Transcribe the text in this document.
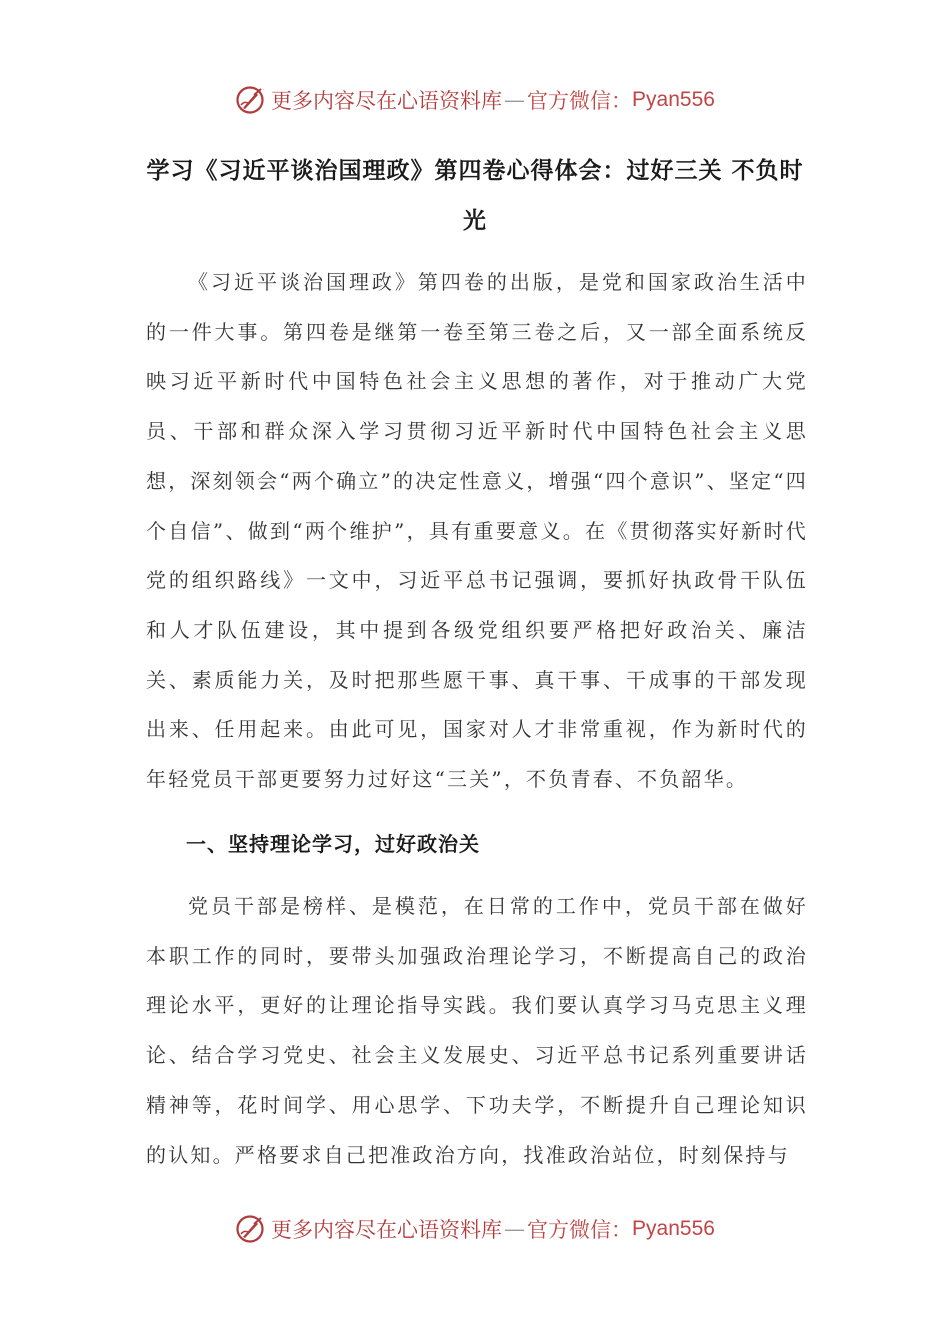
更多内容尽在心语资料库 — 官方微信： Pyan556
学习《习近平谈治国理政》第四卷心得体会：过好三关 不负时光

《习近平谈治国理政》第四卷的出版，是党和国家政治生活中的一件大事。第四卷是继第一卷至第三卷之后，又一部全面系统反映习近平新时代中国特色社会主义思想的著作，对于推动广大党员、干部和群众深入学习贯彻习近平新时代中国特色社会主义思想，深刻领会“两个确立”的决定性意义，增强“四个意识”、坚定“四个自信”、做到“两个维护”，具有重要意义。在《贯彻落实好新时代党的组织路线》一文中，习近平总书记强调，要抓好执政骨干队伍和人才队伍建设，其中提到各级党组织要严格把好政治关、廉洁关、素质能力关，及时把那些愿干事、真干事、干成事的干部发现出来、任用起来。由此可见，国家对人才非常重视，作为新时代的年轻党员干部更要努力过好这“三关”，不负青春、不负韶华。

一、坚持理论学习，过好政治关

党员干部是榜样、是模范，在日常的工作中，党员干部在做好本职工作的同时，要带头加强政治理论学习，不断提高自己的政治理论水平，更好的让理论指导实践。我们要认真学习马克思主义理论、结合学习党史、社会主义发展史、习近平总书记系列重要讲话精神等，花时间学、用心思学、下功夫学，不断提升自己理论知识的认知。严格要求自己把准政治方向，找准政治站位，时刻保持与

更多内容尽在心语资料库 — 官方微信： Pyan556
